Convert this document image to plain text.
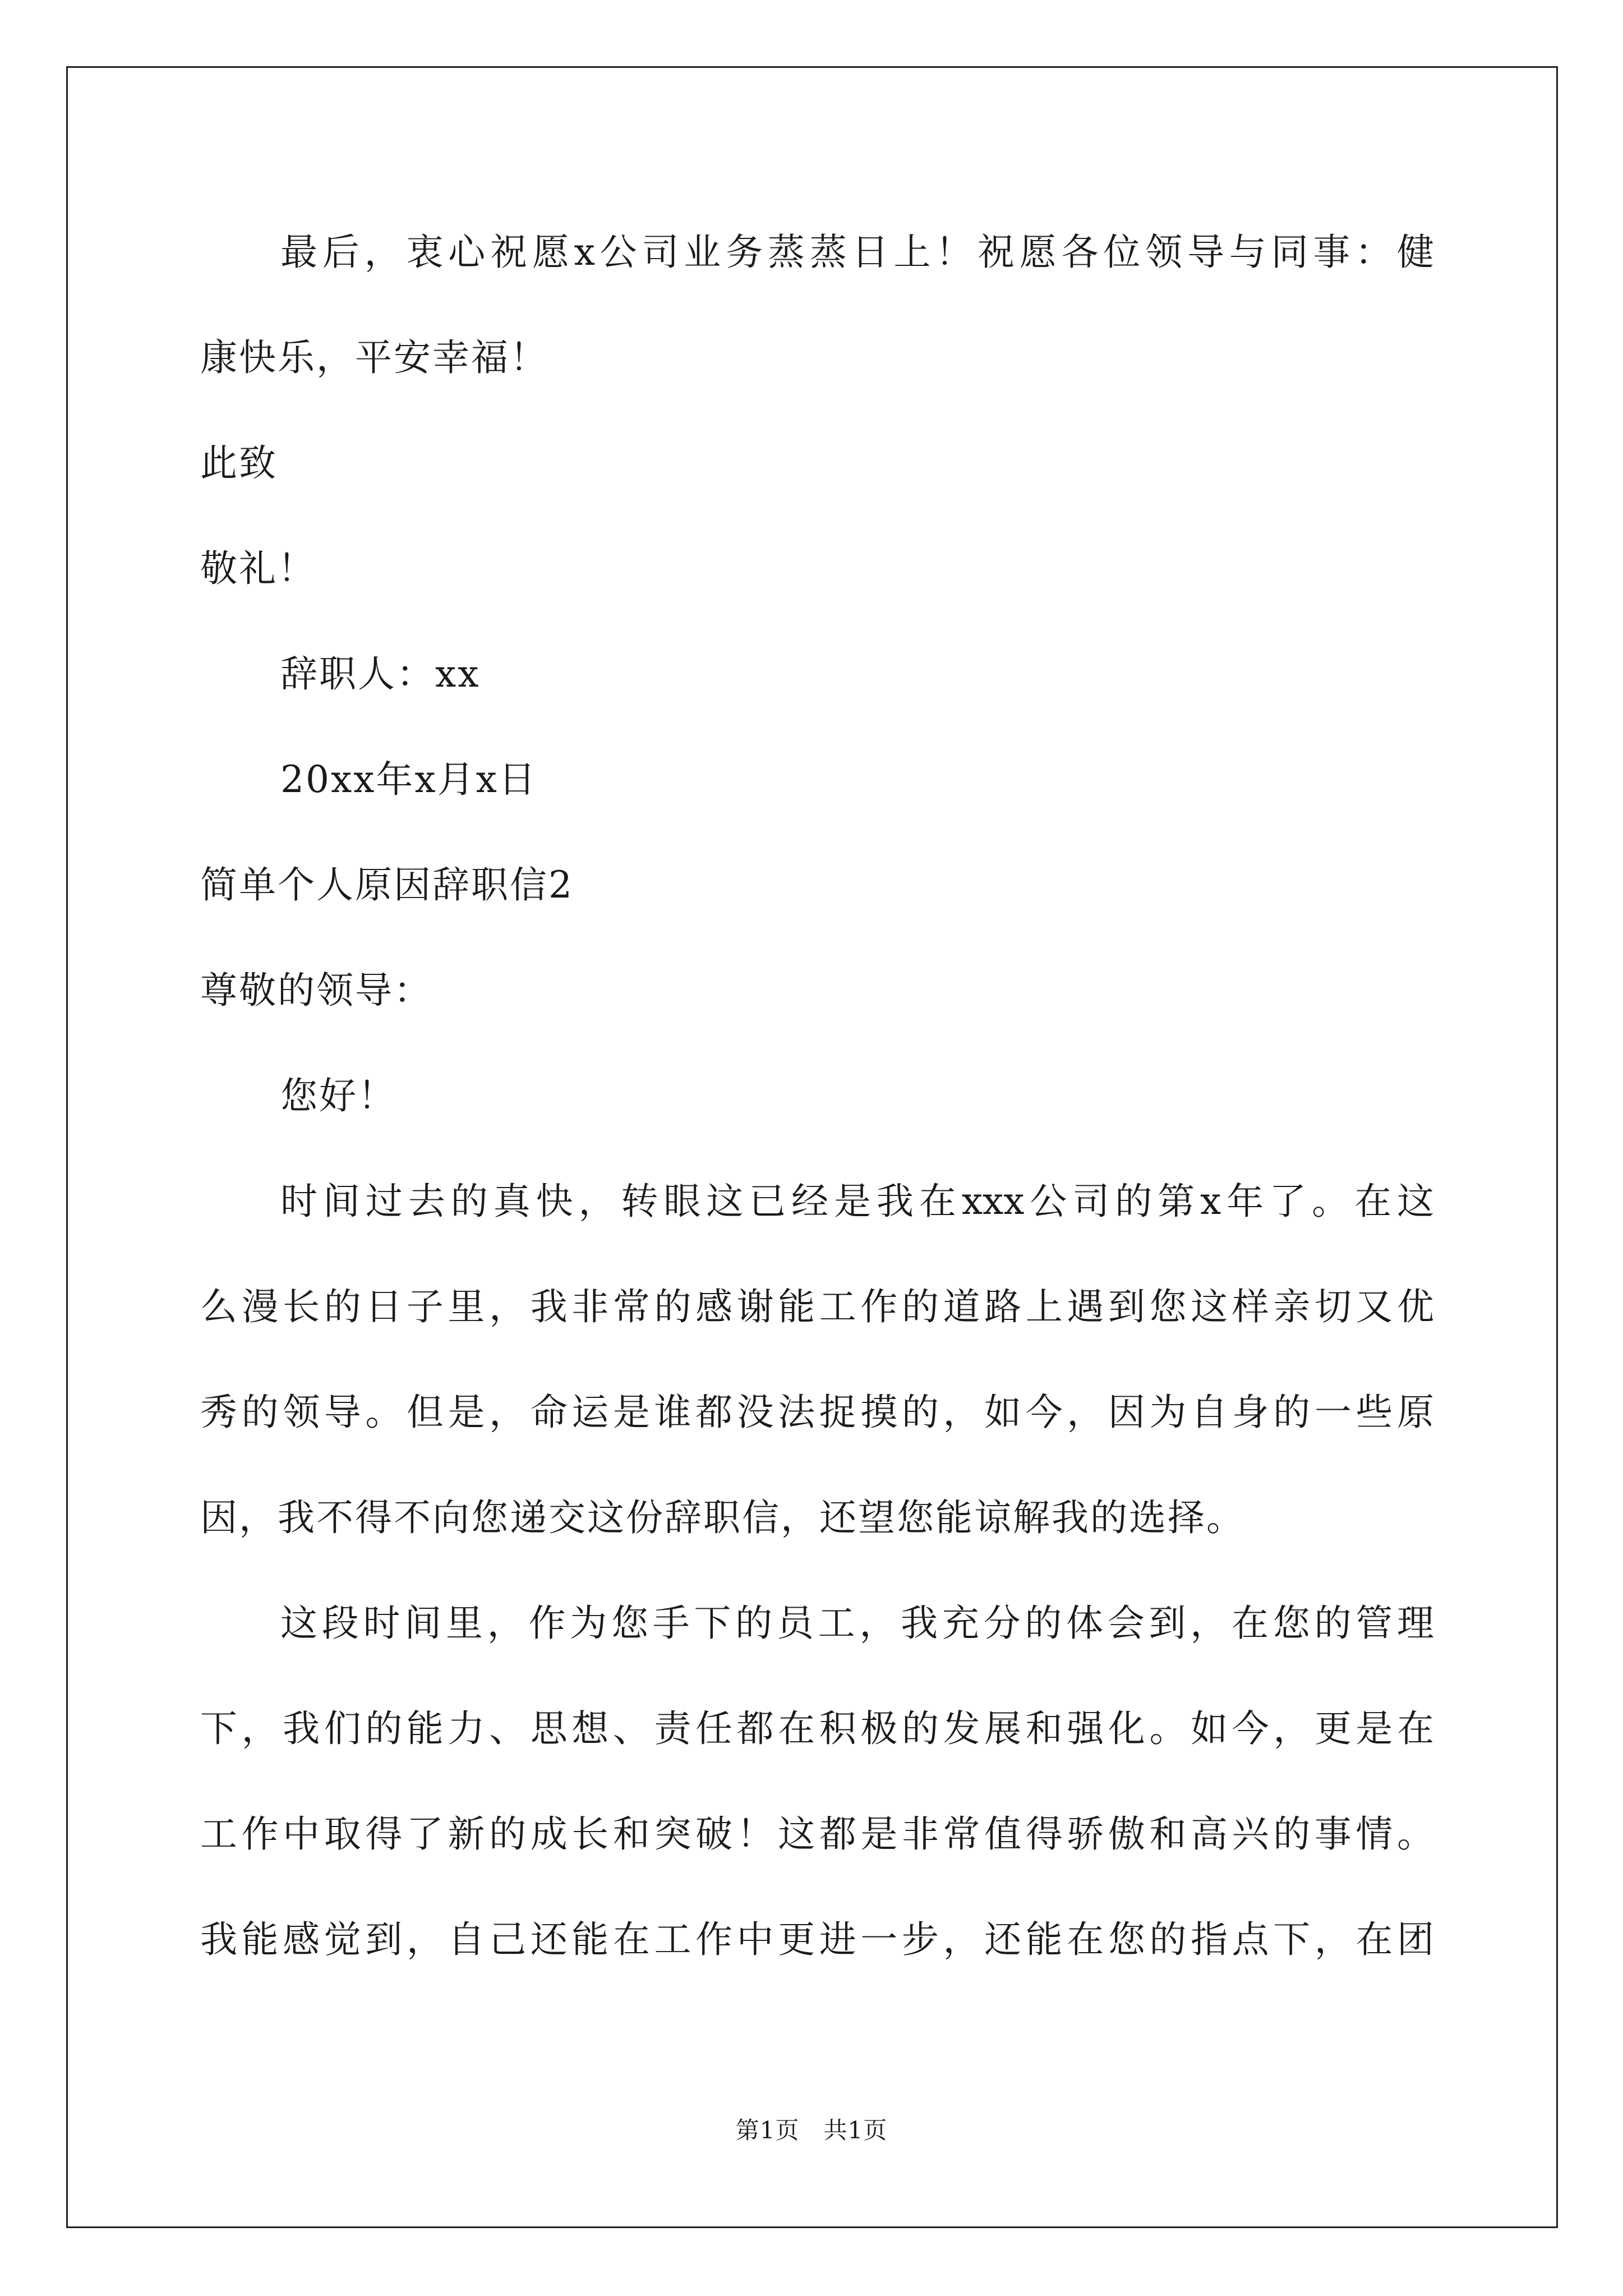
最后，衷心祝愿x公司业务蒸蒸日上！祝愿各位领导与同事：健
康快乐，平安幸福！
此致
敬礼！
辞职人：xx
20xx年x月x日
简单个人原因辞职信2
尊敬的领导：
您好！
时间过去的真快，转眼这已经是我在xxx公司的第x年了。在这
么漫长的日子里，我非常的感谢能工作的道路上遇到您这样亲切又优
秀的领导。但是，命运是谁都没法捉摸的，如今，因为自身的一些原
因，我不得不向您递交这份辞职信，还望您能谅解我的选择。
这段时间里，作为您手下的员工，我充分的体会到，在您的管理
下，我们的能力、思想、责任都在积极的发展和强化。如今，更是在
工作中取得了新的成长和突破！这都是非常值得骄傲和高兴的事情。
我能感觉到，自己还能在工作中更进一步，还能在您的指点下，在团
第1页　共1页
